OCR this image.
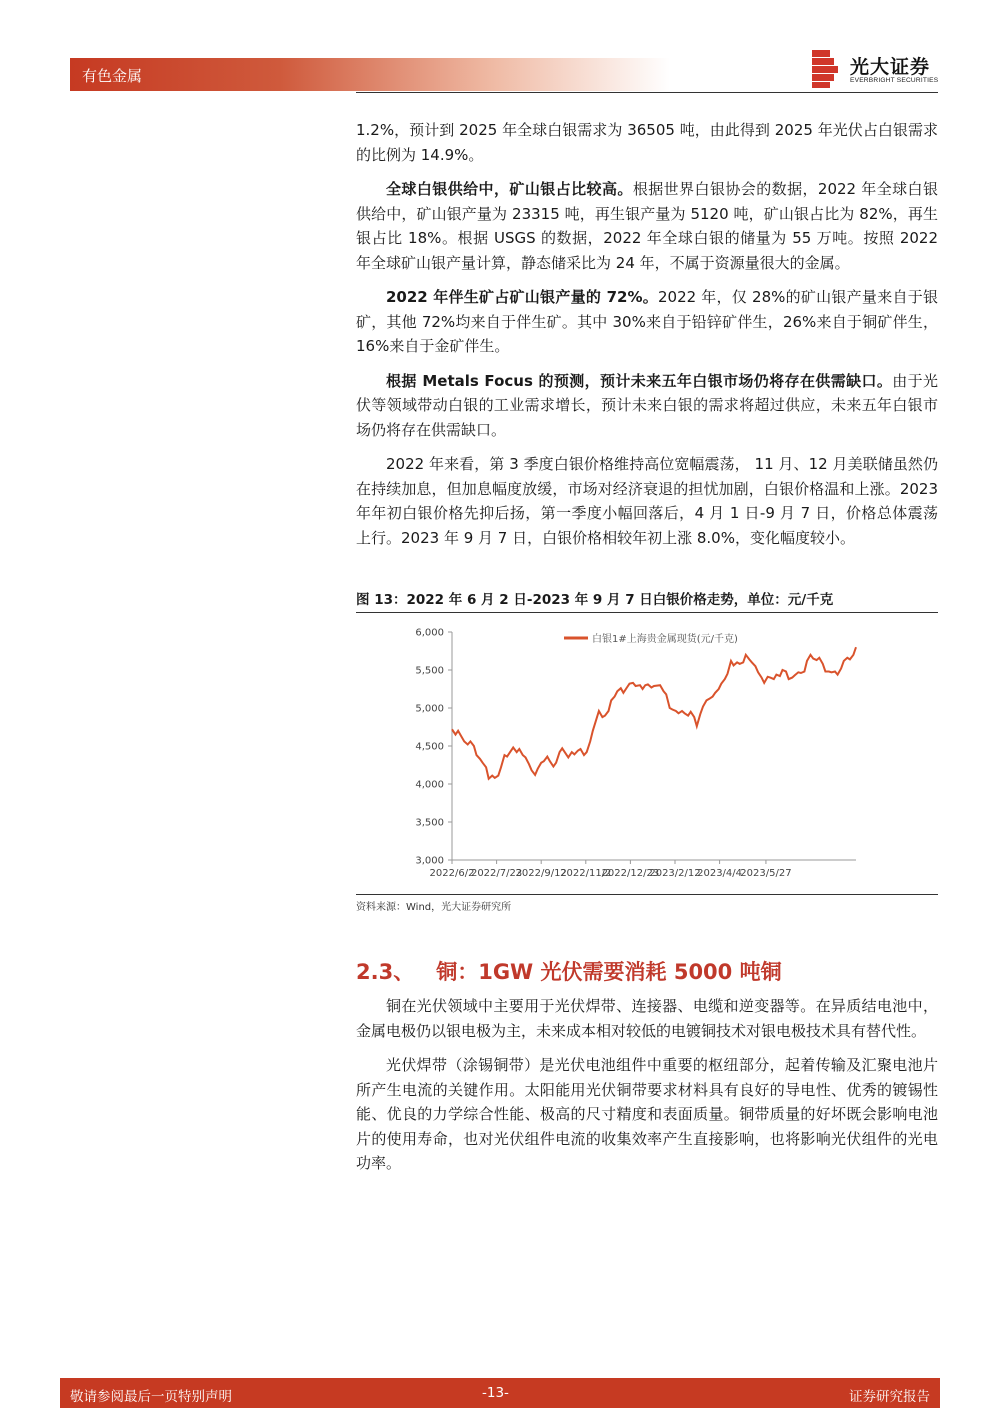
有色金属	光大证券
EVERBRIGHT SECURITIES

1.2%，预计到 2025 年全球白银需求为 36505 吨，由此得到 2025 年光伏占白银需求的比例为 14.9%。

全球白银供给中，矿山银占比较高。根据世界白银协会的数据，2022 年全球白银供给中，矿山银产量为 23315 吨，再生银产量为 5120 吨，矿山银占比为 82%，再生银占比 18%。根据 USGS 的数据，2022 年全球白银的储量为 55 万吨。按照 2022 年全球矿山银产量计算，静态储采比为 24 年，不属于资源量很大的金属。

2022 年伴生矿占矿山银产量的 72%。2022 年，仅 28%的矿山银产量来自于银矿，其他 72%均来自于伴生矿。其中 30%来自于铅锌矿伴生，26%来自于铜矿伴生，16%来自于金矿伴生。

根据 Metals Focus 的预测，预计未来五年白银市场仍将存在供需缺口。由于光伏等领域带动白银的工业需求增长，预计未来白银的需求将超过供应，未来五年白银市场仍将存在供需缺口。

2022 年来看，第 3 季度白银价格维持高位宽幅震荡， 11 月、12 月美联储虽然仍在持续加息，但加息幅度放缓，市场对经济衰退的担忧加剧，白银价格温和上涨。2023 年年初白银价格先抑后扬，第一季度小幅回落后，4 月 1 日-9 月 7 日，价格总体震荡上行。2023 年 9 月 7 日，白银价格相较年初上涨 8.0%，变化幅度较小。

图 13：2022 年 6 月 2 日-2023 年 9 月 7 日白银价格走势，单位：元/千克
3,000
3,500
4,000
4,500
5,000
5,500
6,000
2022/6/2
2022/7/23
2022/9/12
2022/11/2
2022/12/23
2023/2/12
2023/4/4
2023/5/27
白银1#上海贵金属现货(元/千克)
资料来源：Wind，光大证券研究所
2.3、 铜：1GW 光伏需要消耗 5000 吨铜

铜在光伏领域中主要用于光伏焊带、连接器、电缆和逆变器等。在异质结电池中，金属电极仍以银电极为主，未来成本相对较低的电镀铜技术对银电极技术具有替代性。

光伏焊带（涂锡铜带）是光伏电池组件中重要的枢纽部分，起着传输及汇聚电池片所产生电流的关键作用。太阳能用光伏铜带要求材料具有良好的导电性、优秀的镀锡性能、优良的力学综合性能、极高的尺寸精度和表面质量。铜带质量的好坏既会影响电池片的使用寿命，也对光伏组件电流的收集效率产生直接影响，也将影响光伏组件的光电功率。

敬请参阅最后一页特别声明	-13-	证券研究报告
